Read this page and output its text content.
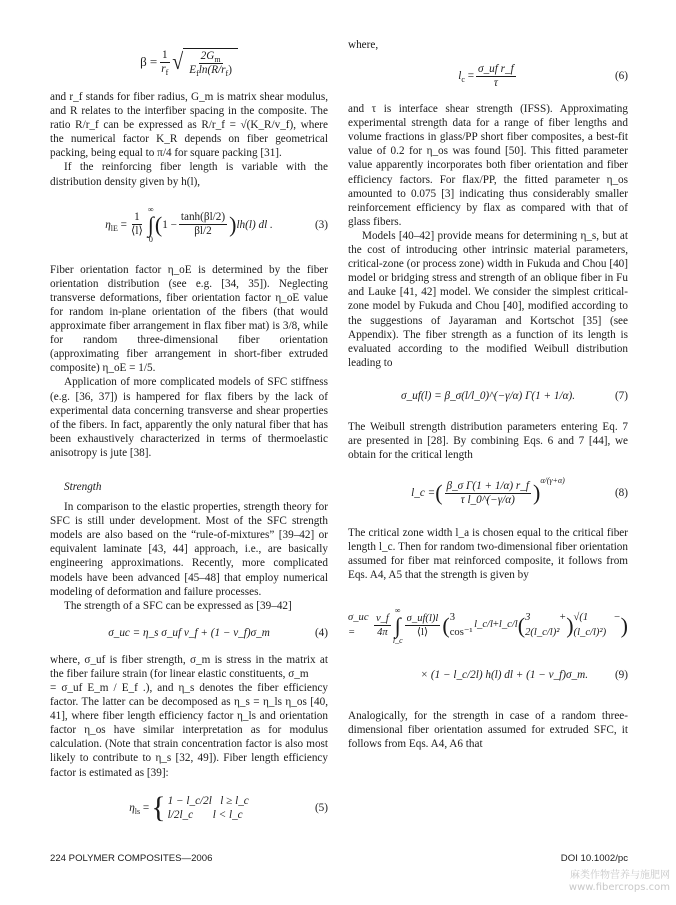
$\beta = \frac{1}{r_f}$ √ $\frac{2G_m}{E_f\ln(R/r_f)}$

and r_f stands for fiber radius, G_m is matrix shear modulus, and R relates to the interfiber spacing in the composite. The ratio R/r_f can be expressed as R/r_f = √(K_R/v_f), where the numerical factor K_R depends on fiber geometrical packing, being equal to π/4 for square packing [31].

If the reinforcing fiber length is variable with the distribution density given by h(l),

$\eta_{lE} = \frac{1}{⟨l⟩}$
∞
∫
0
( $1 - \frac{\tanh(\beta l/2)}{\beta l/2}$ ) lh(l) dl .	(3)

Fiber orientation factor η_oE is determined by the fiber orientation distribution (see e.g. [34, 35]). Neglecting transverse deformations, fiber orientation factor η_oE value for random in-plane orientation of the fibers (that would approximate fiber arrangement in flax fiber mat) is 3/8, while for random three-dimensional fiber orientation (approximating fiber arrangement in short-fiber extruded composite) η_oE = 1/5.

Application of more complicated models of SFC stiffness (e.g. [36, 37]) is hampered for flax fibers by the lack of experimental data concerning transverse and shear properties of the fibers. In fact, apparently the only natural fiber that has been exhaustively characterized in terms of thermoelastic anisotropy is jute [38].

Strength

In comparison to the elastic properties, strength theory for SFC is still under development. Most of the SFC strength models are also based on the “rule-of-mixtures” [39–42] or equivalent laminate [43, 44] approach, i.e., are basically engineering approximations. Recently, more complicated models have been advanced [45–48] that employ numerical modeling of deformation and failure processes.

The strength of a SFC can be expressed as [39–42]

σ_uc = η_s σ_uf v_f + (1 − v_f)σ_m	(4)

where, σ_uf is fiber strength, σ_m is stress in the matrix at the fiber failure strain (for linear elastic constituents, σ_m

= σ_uf E_m / E_f .), and η_s denotes the fiber efficiency factor. The latter can be decomposed as η_s = η_ls η_os [40, 41], where fiber length efficiency factor η_ls and orientation factor η_os have similar interpretation as for modulus calculation. (Note that strain concentration factor is also most likely to contribute to η_s [32, 49]). Fiber length efficiency factor is estimated as [39]:

$\eta_{ls}$ = { 1 − l_c/2l l ≥ l_c
l/2l_c l < l_c
(5)

where,

$l_c = \frac{\text{σ\_uf r\_f}}{\tau}$	(6)

and τ is interface shear strength (IFSS). Approximating experimental strength data for a range of fiber lengths and volume fractions in glass/PP short fiber composites, a best-fit value of 0.2 for η_os was found [50]. This fitted parameter value apparently incorporates both fiber orientation and fiber efficiency factors. For flax/PP, the fitted parameter η_os amounted to 0.075 [3] indicating thus considerably smaller reinforcement efficiency by flax as compared with that of glass fibers.

Models [40–42] provide means for determining η_s, but at the cost of introducing other intrinsic material parameters, critical-zone (or process zone) width in Fukuda and Chou [40] model or bridging stress and strength of an oblique fiber in Fu and Lauke [41, 42] model. We consider the simplest critical-zone model by Fukuda and Chou [40], modified according to the suggestions of Jayaraman and Kortschot [35] (see Appendix). The fiber strength as a function of its length is evaluated according to the modified Weibull distribution leading to

σ_uf(l) = β_σ(l/l_0)^(−γ/α) Γ(1 + 1/α).	(7)

The Weibull strength distribution parameters entering Eq. 7 are presented in [28]. By combining Eqs. 6 and 7 [44], we obtain for the critical length

l_c = ( $\frac{\text{β\_σ Γ(1 + 1/α) r\_f}}{\text{τ l\_0\textasciicircum{}(−γ/α)}} )^{\alpha/(\gamma+\alpha)}$
(8)

The critical zone width l_a is chosen equal to the critical fiber length l_c. Then for random two-dimensional fiber orientation assumed for fiber mat reinforced composite, it follows from Eqs. A4, A5 that the strength is given by

σ_uc =	$\frac{v\_f}{4\pi}$
∞
∫
l_c
$\frac{\sigma\_uf(l)l}{⟨l⟩}$ ( 3 cos⁻¹
l_c/l + l_c/l ( 3 + 2(l_c/l)² ) √(1 − (l_c/l)²) )
× (1 − l_c/2l) h(l) dl + (1 − v_f)σ_m. (9)

Analogically, for the strength in case of a random three-dimensional fiber orientation assumed for extruded SFC, it follows from Eqs. A4, A6 that

224 POLYMER COMPOSITES—2006	DOI 10.1002/pc
麻类作物营养与施肥网
www.fibercrops.com
